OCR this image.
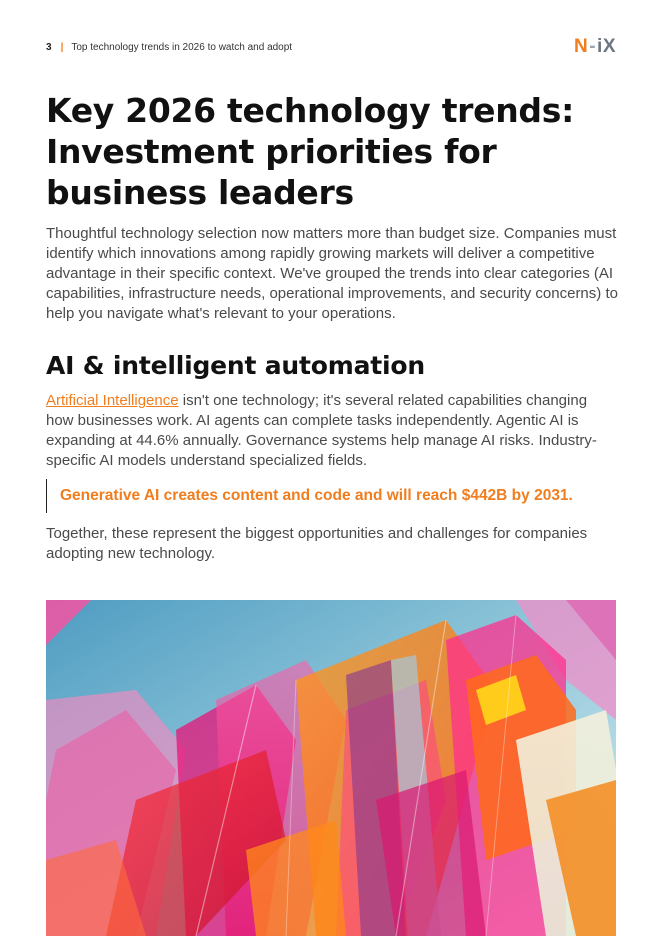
3 | Top technology trends in 2026 to watch and adopt	N - iX
Key 2026 technology trends: Investment priorities for business leaders

Thoughtful technology selection now matters more than budget size. Companies must identify which innovations among rapidly growing markets will deliver a competitive advantage in their specific context. We've grouped the trends into clear categories (AI capabilities, infrastructure needs, operational improvements, and security concerns) to help you navigate what's relevant to your operations.

AI & intelligent automation

Artificial Intelligence isn't one technology; it's several related capabilities changing how businesses work. AI agents can complete tasks independently. Agentic AI is expanding at 44.6% annually. Governance systems help manage AI risks. Industry-specific AI models understand specialized fields.

Generative AI creates content and code and will reach $442B by 2031.

Together, these represent the biggest opportunities and challenges for companies adopting new technology.
